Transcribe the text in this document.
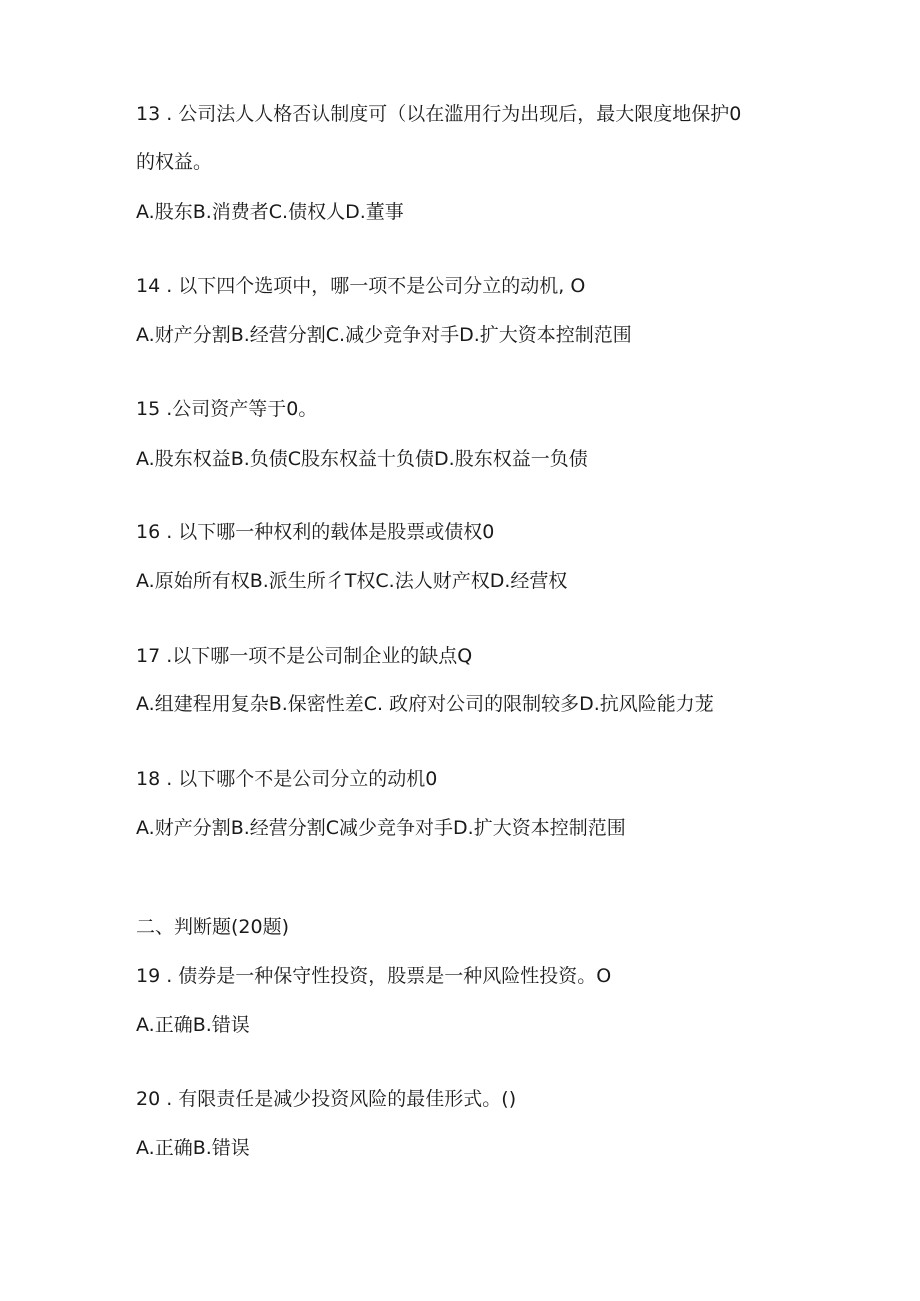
13 . 公司法人人格否认制度可（以在滥用行为出现后，最大限度地保护0
的权益。
A.股东B.消费者C.债权人D.董事
14 . 以下四个选项中，哪一项不是公司分立的动机, O
A.财产分割B.经营分割C.减少竞争对手D.扩大资本控制范围
15 .公司资产等于0。
A.股东权益B.负债C股东权益十负债D.股东权益一负债
16 . 以下哪一种权利的载体是股票或债权0
A.原始所有权B.派生所彳T权C.法人财产权D.经营权
17 .以下哪一项不是公司制企业的缺点Q
A.组建程用复杂B.保密性差C. 政府对公司的限制较多D.抗风险能力茏
18 . 以下哪个不是公司分立的动机0
A.财产分割B.经营分割C减少竞争对手D.扩大资本控制范围
二、判断题(20题)
19 . 债券是一种保守性投资，股票是一种风险性投资。O
A.正确B.错误
20 . 有限责任是减少投资风险的最佳形式。()
A.正确B.错误
